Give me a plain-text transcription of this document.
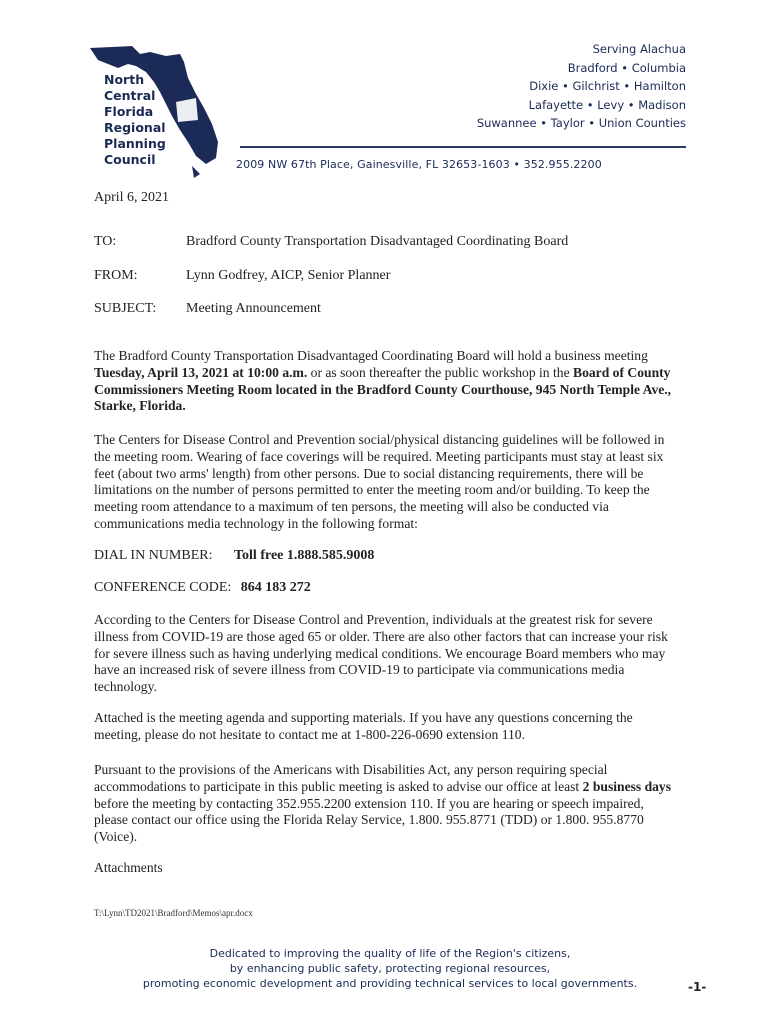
North
Central
Florida
Regional
Planning
Council
Serving Alachua
Bradford • Columbia
Dixie • Gilchrist • Hamilton
Lafayette • Levy • Madison
Suwannee • Taylor • Union Counties
2009 NW 67th Place, Gainesville, FL 32653-1603 • 352.955.2200
April 6, 2021
TO:	Bradford County Transportation Disadvantaged Coordinating Board
FROM:	Lynn Godfrey, AICP, Senior Planner
SUBJECT:	Meeting Announcement
The Bradford County Transportation Disadvantaged Coordinating Board will hold a business meeting Tuesday, April 13, 2021 at 10:00 a.m. or as soon thereafter the public workshop in the Board of County Commissioners Meeting Room located in the Bradford County Courthouse, 945 North Temple Ave., Starke, Florida.
The Centers for Disease Control and Prevention social/physical distancing guidelines will be followed in the meeting room. Wearing of face coverings will be required. Meeting participants must stay at least six feet (about two arms' length) from other persons. Due to social distancing requirements, there will be limitations on the number of persons permitted to enter the meeting room and/or building. To keep the meeting room attendance to a maximum of ten persons, the meeting will also be conducted via communications media technology in the following format:
DIAL IN NUMBER: Toll free 1.888.585.9008
CONFERENCE CODE: 864 183 272
According to the Centers for Disease Control and Prevention, individuals at the greatest risk for severe illness from COVID-19 are those aged 65 or older. There are also other factors that can increase your risk for severe illness such as having underlying medical conditions. We encourage Board members who may have an increased risk of severe illness from COVID-19 to participate via communications media technology.
Attached is the meeting agenda and supporting materials. If you have any questions concerning the meeting, please do not hesitate to contact me at 1-800-226-0690 extension 110.
Pursuant to the provisions of the Americans with Disabilities Act, any person requiring special accommodations to participate in this public meeting is asked to advise our office at least 2 business days before the meeting by contacting 352.955.2200 extension 110. If you are hearing or speech impaired, please contact our office using the Florida Relay Service, 1.800. 955.8771 (TDD) or 1.800. 955.8770 (Voice).
Attachments
T:\Lynn\TD2021\Bradford\Memos\apr.docx
Dedicated to improving the quality of life of the Region's citizens,
by enhancing public safety, protecting regional resources,
promoting economic development and providing technical services to local governments.	-1-
